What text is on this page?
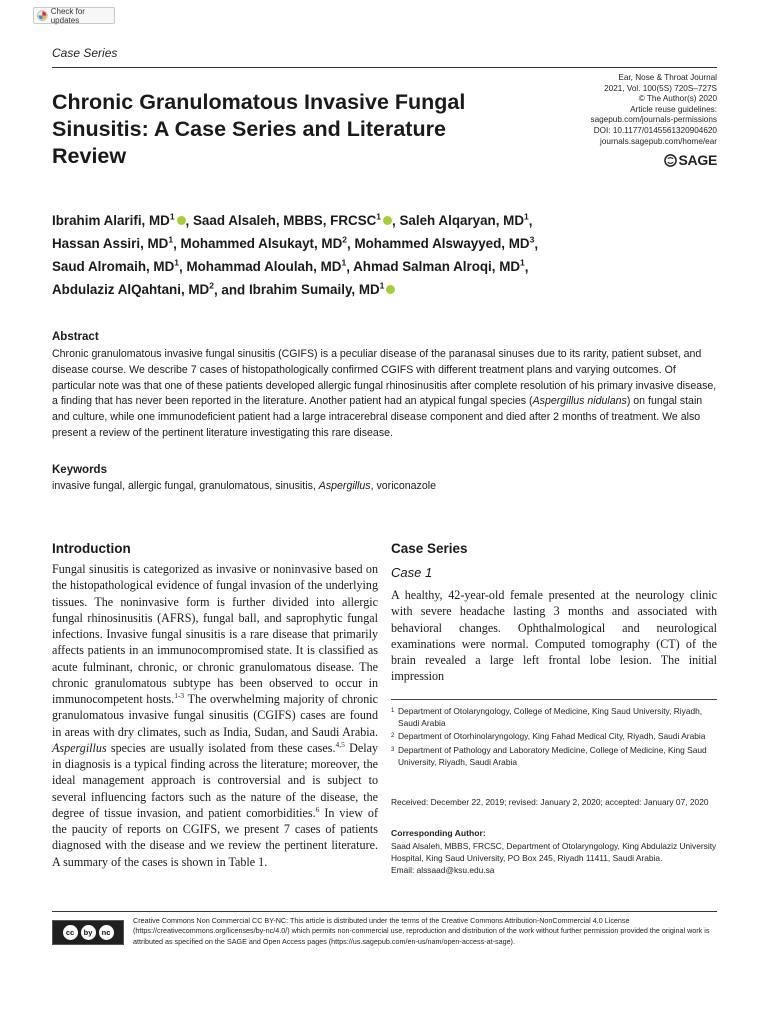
Check for updates
Case Series
Chronic Granulomatous Invasive Fungal Sinusitis: A Case Series and Literature Review
Ear, Nose & Throat Journal
2021, Vol. 100(5S) 720S–727S
© The Author(s) 2020
Article reuse guidelines:
sagepub.com/journals-permissions
DOI: 10.1177/0145561320904620
journals.sagepub.com/home/ear
SAGE
Ibrahim Alarifi, $MD^1$ , Saad Alsaleh, MBBS, FRCSC$^1$ , Saleh Alqaryan, $MD^1$,
Hassan Assiri, $MD^1$, Mohammed Alsukayt, $MD^2$, Mohammed Alswayyed, $MD^3$,
Saud Alromaih, $MD^1$, Mohammad Aloulah, $MD^1$, Ahmad Salman Alroqi, $MD^1$,
Abdulaziz AlQahtani, $MD^2$, and Ibrahim Sumaily, $MD^1$
Abstract
Chronic granulomatous invasive fungal sinusitis (CGIFS) is a peculiar disease of the paranasal sinuses due to its rarity, patient subset, and disease course. We describe 7 cases of histopathologically confirmed CGIFS with different treatment plans and varying outcomes. Of particular note was that one of these patients developed allergic fungal rhinosinusitis after complete resolution of his primary invasive disease, a finding that has never been reported in the literature. Another patient had an atypical fungal species (Aspergillus nidulans) on fungal stain and culture, while one immunodeficient patient had a large intracerebral disease component and died after 2 months of treatment. We also present a review of the pertinent literature investigating this rare disease.
Keywords
invasive fungal, allergic fungal, granulomatous, sinusitis, Aspergillus, voriconazole
Introduction
Fungal sinusitis is categorized as invasive or noninvasive based on the histopathological evidence of fungal invasion of the underlying tissues. The noninvasive form is further divided into allergic fungal rhinosinusitis (AFRS), fungal ball, and saprophytic fungal infections. Invasive fungal sinusitis is a rare disease that primarily affects patients in an immunocompromised state. It is classified as acute fulminant, chronic, or chronic granulomatous disease. The chronic granulomatous subtype has been observed to occur in immunocompetent hosts.$^{1-3}$ The overwhelming majority of chronic granulomatous invasive fungal sinusitis (CGIFS) cases are found in areas with dry climates, such as India, Sudan, and Saudi Arabia. Aspergillus species are usually isolated from these cases.$^{4,5}$ Delay in diagnosis is a typical finding across the literature; moreover, the ideal management approach is controversial and is subject to several influencing factors such as the nature of the disease, the degree of tissue invasion, and patient comorbidities.$^6$ In view of the paucity of reports on CGIFS, we present 7 cases of patients diagnosed with the disease and we review the pertinent literature. A summary of the cases is shown in Table 1.
Case Series
Case 1
A healthy, 42-year-old female presented at the neurology clinic with severe headache lasting 3 months and associated with behavioral changes. Ophthalmological and neurological examinations were normal. Computed tomography (CT) of the brain revealed a large left frontal lobe lesion. The initial impression
1 Department of Otolaryngology, College of Medicine, King Saud University, Riyadh, Saudi Arabia
2 Department of Otorhinolaryngology, King Fahad Medical City, Riyadh, Saudi Arabia
3 Department of Pathology and Laboratory Medicine, College of Medicine, King Saud University, Riyadh, Saudi Arabia
Received: December 22, 2019; revised: January 2, 2020; accepted: January 07, 2020
Corresponding Author:
Saad Alsaleh, MBBS, FRCSC, Department of Otolaryngology, King Abdulaziz University Hospital, King Saud University, PO Box 245, Riyadh 11411, Saudi Arabia.
Email: alssaad@ksu.edu.sa
cc	by	nc
Creative Commons Non Commercial CC BY-NC: This article is distributed under the terms of the Creative Commons Attribution-NonCommercial 4.0 License (https://creativecommons.org/licenses/by-nc/4.0/) which permits non-commercial use, reproduction and distribution of the work without further permission provided the original work is attributed as specified on the SAGE and Open Access pages (https://us.sagepub.com/en-us/nam/open-access-at-sage).
